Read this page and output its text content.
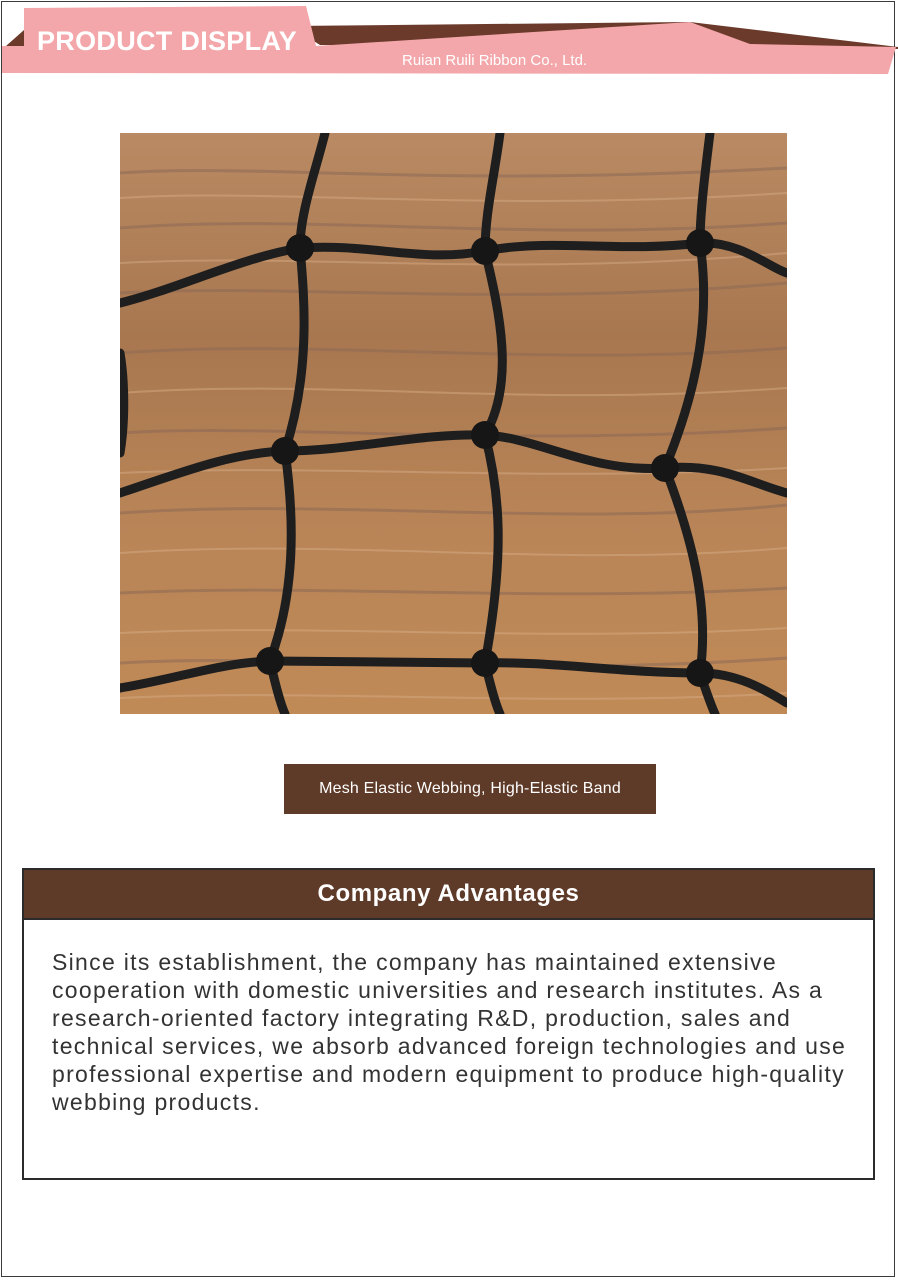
PRODUCT DISPLAY
Ruian Ruili Ribbon Co., Ltd.
Mesh Elastic Webbing, High-Elastic Band
Company Advantages

Since its establishment, the company has maintained extensive cooperation with domestic universities and research institutes. As a research-oriented factory integrating R&D, production, sales and technical services, we absorb advanced foreign technologies and use professional expertise and modern equipment to produce high-quality webbing products.
